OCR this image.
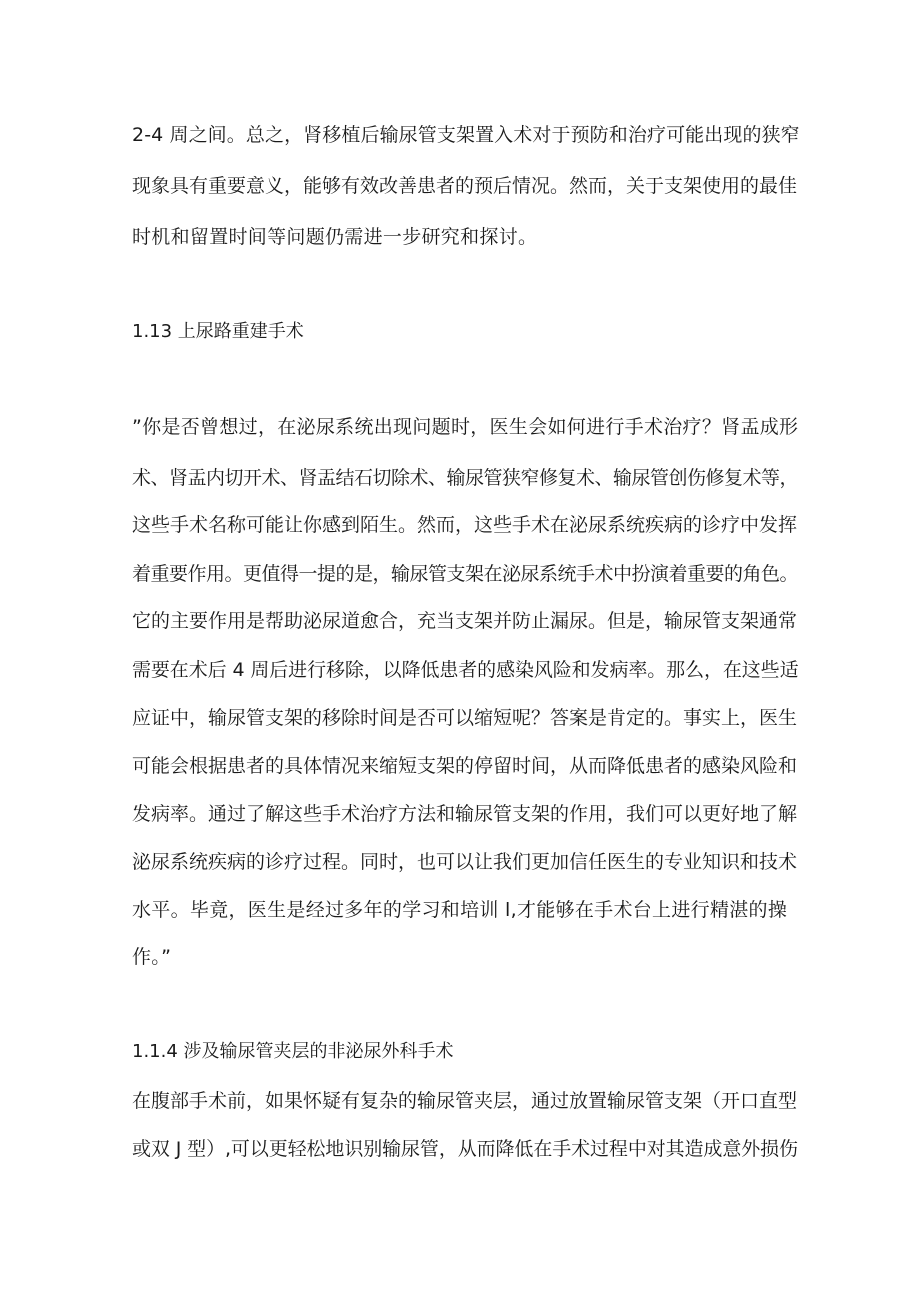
2-4 周之间。总之，肾移植后输尿管支架置入术对于预防和治疗可能出现的狭窄
现象具有重要意义，能够有效改善患者的预后情况。然而，关于支架使用的最佳
时机和留置时间等问题仍需进一步研究和探讨。
1.13 上尿路重建手术
”你是否曾想过，在泌尿系统出现问题时，医生会如何进行手术治疗？肾盂成形
术、肾盂内切开术、肾盂结石切除术、输尿管狭窄修复术、输尿管创伤修复术等，
这些手术名称可能让你感到陌生。然而，这些手术在泌尿系统疾病的诊疗中发挥
着重要作用。更值得一提的是，输尿管支架在泌尿系统手术中扮演着重要的角色。
它的主要作用是帮助泌尿道愈合，充当支架并防止漏尿。但是，输尿管支架通常
需要在术后 4 周后进行移除，以降低患者的感染风险和发病率。那么，在这些适
应证中，输尿管支架的移除时间是否可以缩短呢？答案是肯定的。事实上，医生
可能会根据患者的具体情况来缩短支架的停留时间，从而降低患者的感染风险和
发病率。通过了解这些手术治疗方法和输尿管支架的作用，我们可以更好地了解
泌尿系统疾病的诊疗过程。同时，也可以让我们更加信任医生的专业知识和技术
水平。毕竟，医生是经过多年的学习和培训 l,才能够在手术台上进行精湛的操
作。”
1.1.4 涉及输尿管夹层的非泌尿外科手术
在腹部手术前，如果怀疑有复杂的输尿管夹层，通过放置输尿管支架（开口直型
或双 J 型）,可以更轻松地识别输尿管，从而降低在手术过程中对其造成意外损伤
